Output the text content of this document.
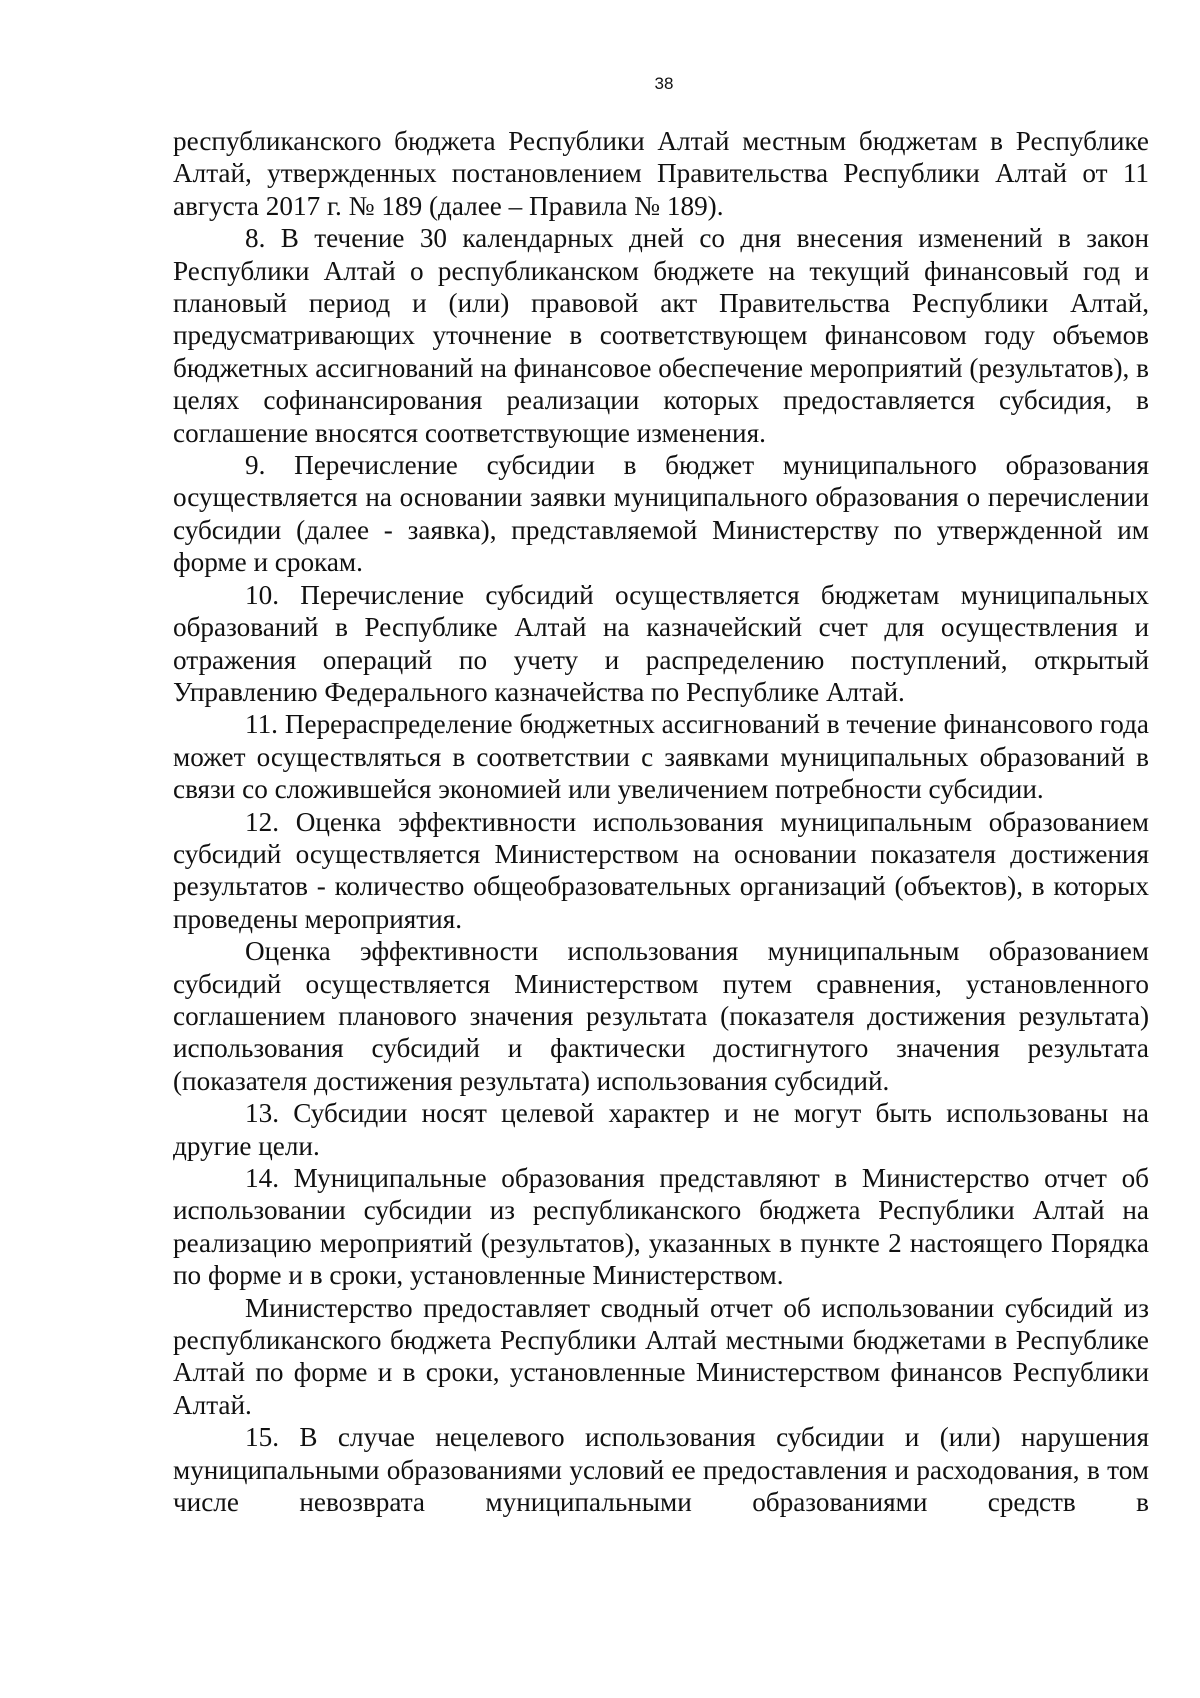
38

республиканского бюджета Республики Алтай местным бюджетам в Республике Алтай, утвержденных постановлением Правительства Республики Алтай от 11 августа 2017 г. № 189 (далее – Правила № 189).

8. В течение 30 календарных дней со дня внесения изменений в закон Республики Алтай о республиканском бюджете на текущий финансовый год и плановый период и (или) правовой акт Правительства Республики Алтай, предусматривающих уточнение в соответствующем финансовом году объемов бюджетных ассигнований на финансовое обеспечение мероприятий (результатов), в целях софинансирования реализации которых предоставляется субсидия, в соглашение вносятся соответствующие изменения.

9. Перечисление субсидии в бюджет муниципального образования осуществляется на основании заявки муниципального образования о перечислении субсидии (далее - заявка), представляемой Министерству по утвержденной им форме и срокам.

10. Перечисление субсидий осуществляется бюджетам муниципальных образований в Республике Алтай на казначейский счет для осуществления и отражения операций по учету и распределению поступлений, открытый Управлению Федерального казначейства по Республике Алтай.

11. Перераспределение бюджетных ассигнований в течение финансового года может осуществляться в соответствии с заявками муниципальных образований в связи со сложившейся экономией или увеличением потребности субсидии.

12. Оценка эффективности использования муниципальным образованием субсидий осуществляется Министерством на основании показателя достижения результатов - количество общеобразовательных организаций (объектов), в которых проведены мероприятия.

Оценка эффективности использования муниципальным образованием субсидий осуществляется Министерством путем сравнения, установленного соглашением планового значения результата (показателя достижения результата) использования субсидий и фактически достигнутого значения результата (показателя достижения результата) использования субсидий.

13. Субсидии носят целевой характер и не могут быть использованы на другие цели.

14. Муниципальные образования представляют в Министерство отчет об использовании субсидии из республиканского бюджета Республики Алтай на реализацию мероприятий (результатов), указанных в пункте 2 настоящего Порядка по форме и в сроки, установленные Министерством.

Министерство предоставляет сводный отчет об использовании субсидий из республиканского бюджета Республики Алтай местными бюджетами в Республике Алтай по форме и в сроки, установленные Министерством финансов Республики Алтай.

15. В случае нецелевого использования субсидии и (или) нарушения муниципальными образованиями условий ее предоставления и расходования, в том числе невозврата муниципальными образованиями средств в
